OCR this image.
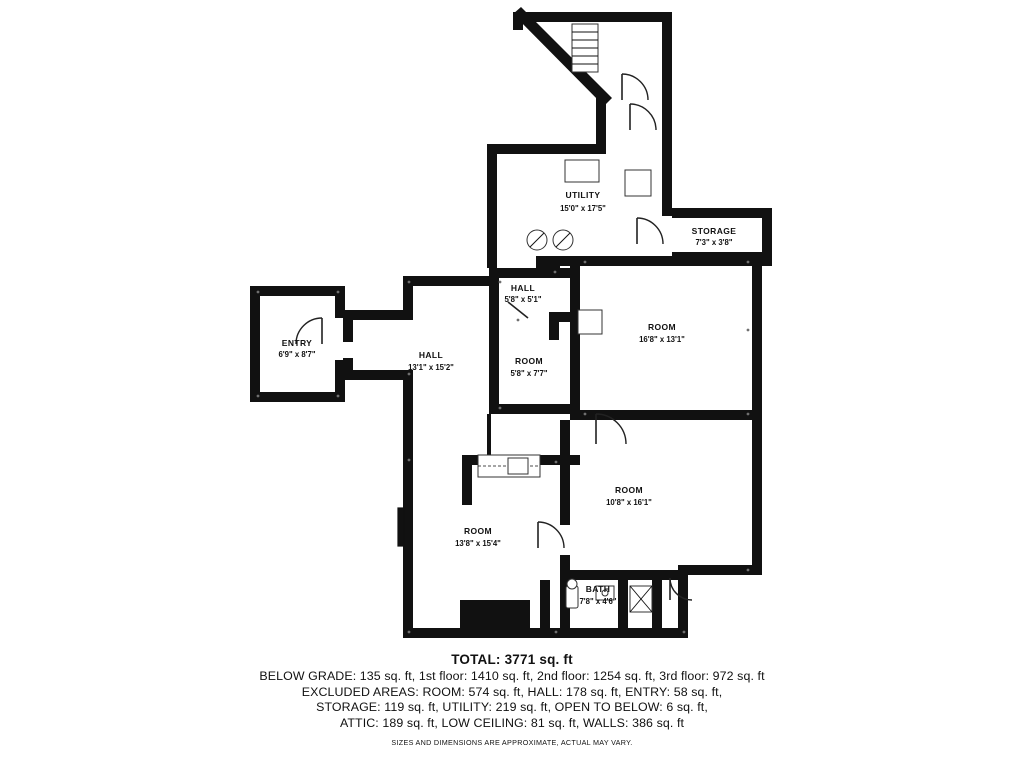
UTILITY
15'0" x 17'5"
STORAGE
7'3" x 3'8"
HALL
5'8" x 5'1"
ROOM
16'8" x 13'1"
ENTRY
6'9" x 8'7"	HALL
13'1" x 15'2"
ROOM
5'8" x 7'7"
ROOM
10'8" x 16'1"
ROOM
13'8" x 15'4"
BATH
7'8" x 4'6"
TOTAL: 3771 sq. ft
BELOW GRADE: 135 sq. ft, 1st floor: 1410 sq. ft, 2nd floor: 1254 sq. ft, 3rd floor: 972 sq. ft
EXCLUDED AREAS: ROOM: 574 sq. ft, HALL: 178 sq. ft, ENTRY: 58 sq. ft,
STORAGE: 119 sq. ft, UTILITY: 219 sq. ft, OPEN TO BELOW: 6 sq. ft,
ATTIC: 189 sq. ft, LOW CEILING: 81 sq. ft, WALLS: 386 sq. ft
SIZES AND DIMENSIONS ARE APPROXIMATE, ACTUAL MAY VARY.
